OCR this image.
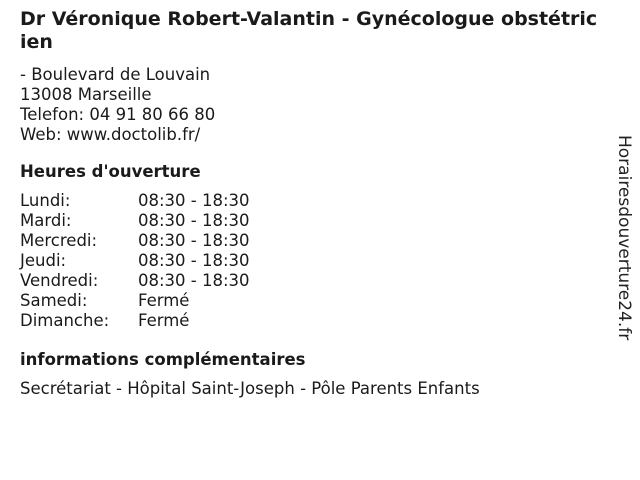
Dr Véronique Robert-Valantin - Gynécologue obstétricien
- Boulevard de Louvain
13008 Marseille
Telefon: 04 91 80 66 80
Web: www.doctolib.fr/
Heures d'ouverture
Lundi:	08:30 - 18:30
Mardi:	08:30 - 18:30
Mercredi:	08:30 - 18:30
Jeudi:	08:30 - 18:30
Vendredi:	08:30 - 18:30
Samedi:	Fermé
Dimanche:	Fermé
informations complémentaires
Secrétariat - Hôpital Saint-Joseph - Pôle Parents Enfants
Horairesdouverture24.fr
